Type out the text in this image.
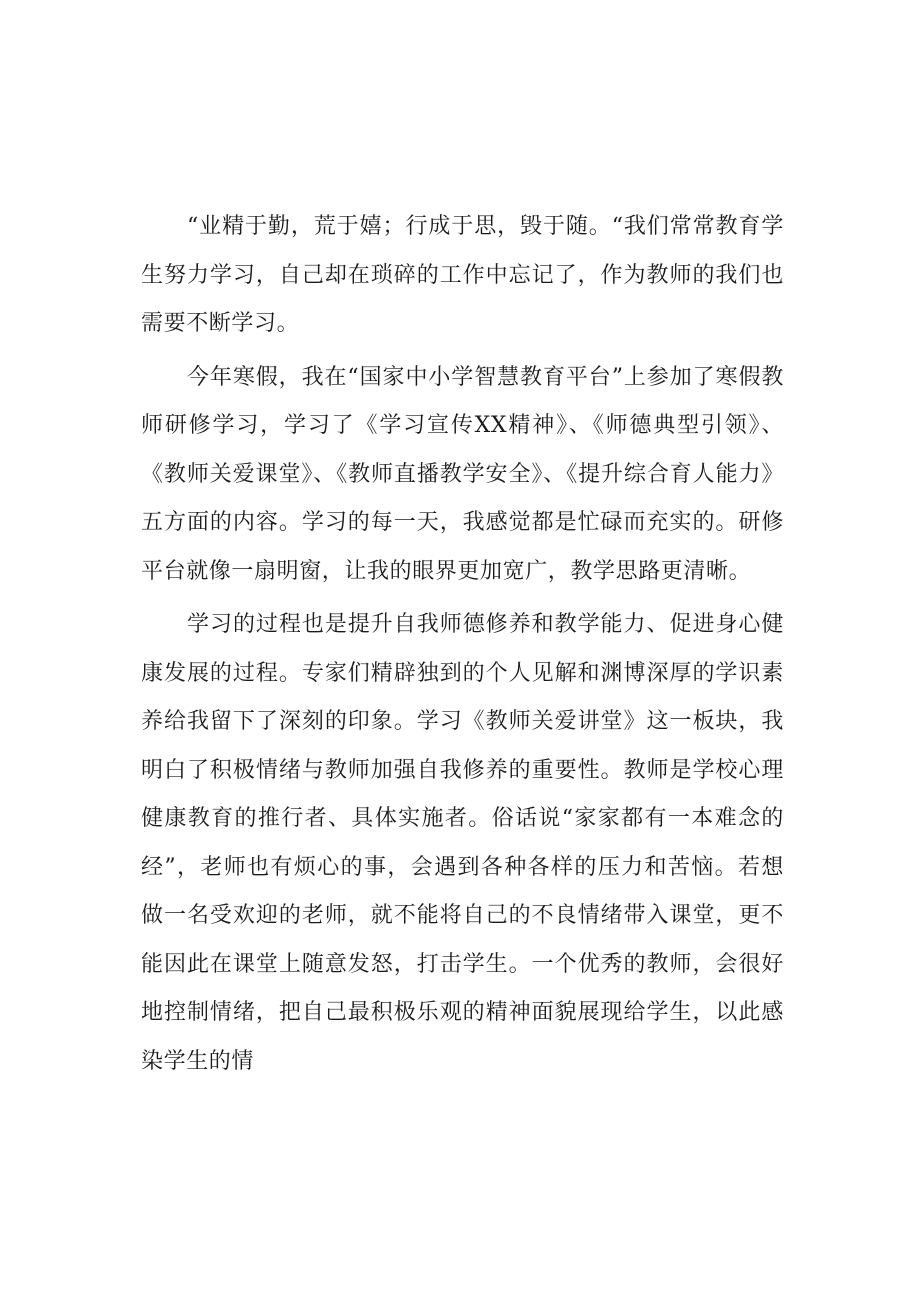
“业精于勤，荒于嬉；行成于思，毁于随。“我们常常教育学生努力学习，自己却在琐碎的工作中忘记了，作为教师的我们也需要不断学习。

今年寒假，我在“国家中小学智慧教育平台”上参加了寒假教师研修学习，学习了《学习宣传XX精神》、《师德典型引领》、《教师关爱课堂》、《教师直播教学安全》、《提升综合育人能力》五方面的内容。学习的每一天，我感觉都是忙碌而充实的。研修平台就像一扇明窗，让我的眼界更加宽广，教学思路更清晰。

学习的过程也是提升自我师德修养和教学能力、促进身心健康发展的过程。专家们精辟独到的个人见解和渊博深厚的学识素养给我留下了深刻的印象。学习《教师关爱讲堂》这一板块，我明白了积极情绪与教师加强自我修养的重要性。教师是学校心理健康教育的推行者、具体实施者。俗话说“家家都有一本难念的经”，老师也有烦心的事，会遇到各种各样的压力和苦恼。若想做一名受欢迎的老师，就不能将自己的不良情绪带入课堂，更不能因此在课堂上随意发怒，打击学生。一个优秀的教师，会很好地控制情绪，把自己最积极乐观的精神面貌展现给学生，以此感染学生的情
